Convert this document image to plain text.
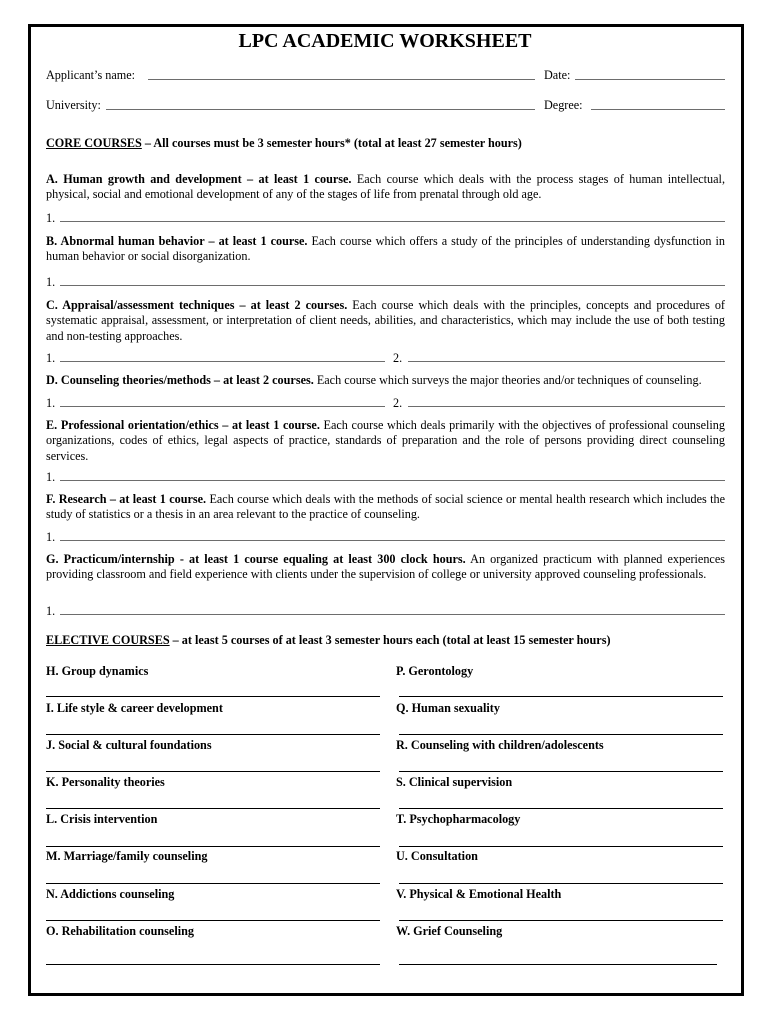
LPC ACADEMIC WORKSHEET
Applicant’s name:	Date:
University:	Degree:
CORE COURSES – All courses must be 3 semester hours* (total at least 27 semester hours)
A. Human growth and development – at least 1 course. Each course which deals with the process stages of human intellectual, physical, social and emotional development of any of the stages of life from prenatal through old age.
1.
B. Abnormal human behavior – at least 1 course. Each course which offers a study of the principles of understanding dysfunction in human behavior or social disorganization.
1.
C. Appraisal/assessment techniques – at least 2 courses. Each course which deals with the principles, concepts and procedures of systematic appraisal, assessment, or interpretation of client needs, abilities, and characteristics, which may include the use of both testing and non-testing approaches.
1.	2.
D. Counseling theories/methods – at least 2 courses. Each course which surveys the major theories and/or techniques of counseling.
1.	2.
E. Professional orientation/ethics – at least 1 course. Each course which deals primarily with the objectives of professional counseling organizations, codes of ethics, legal aspects of practice, standards of preparation and the role of persons providing direct counseling services.
1.
F. Research – at least 1 course. Each course which deals with the methods of social science or mental health research which includes the study of statistics or a thesis in an area relevant to the practice of counseling.
1.
G. Practicum/internship - at least 1 course equaling at least 300 clock hours. An organized practicum with planned experiences providing classroom and field experience with clients under the supervision of college or university approved counseling professionals.
1.
ELECTIVE COURSES – at least 5 courses of at least 3 semester hours each (total at least 15 semester hours)
H. Group dynamics	P. Gerontology
I. Life style & career development	Q. Human sexuality
J. Social & cultural foundations	R. Counseling with children/adolescents
K. Personality theories	S. Clinical supervision
L. Crisis intervention	T. Psychopharmacology
M. Marriage/family counseling	U. Consultation
N. Addictions counseling	V. Physical & Emotional Health
O. Rehabilitation counseling	W. Grief Counseling
